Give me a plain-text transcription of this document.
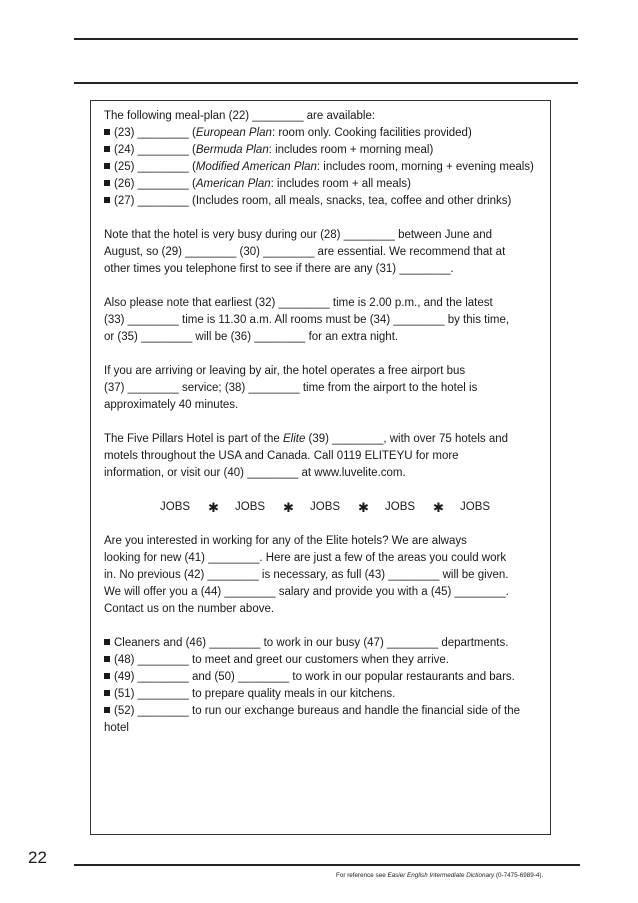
The following meal-plan (22) ________ are available:

(23) ________ (European Plan: room only. Cooking facilities provided)

(24) ________ (Bermuda Plan: includes room + morning meal)

(25) ________ (Modified American Plan: includes room, morning + evening meals)

(26) ________ (American Plan: includes room + all meals)

(27) ________ (Includes room, all meals, snacks, tea, coffee and other drinks)

Note that the hotel is very busy during our (28) ________ between June and
August, so (29) ________ (30) ________ are essential. We recommend that at
other times you telephone first to see if there are any (31) ________.

Also please note that earliest (32) ________ time is 2.00 p.m., and the latest
(33) ________ time is 11.30 a.m. All rooms must be (34) ________ by this time,
or (35) ________ will be (36) ________ for an extra night.

If you are arriving or leaving by air, the hotel operates a free airport bus
(37) ________ service; (38) ________ time from the airport to the hotel is
approximately 40 minutes.

The Five Pillars Hotel is part of the Elite (39) ________, with over 75 hotels and
motels throughout the USA and Canada. Call 0119 ELITEYU for more
information, or visit our (40) ________ at www.luvelite.com.

JOBS	✱	JOBS	✱	JOBS	✱	JOBS	✱	JOBS

Are you interested in working for any of the Elite hotels? We are always
looking for new (41) ________. Here are just a few of the areas you could work
in. No previous (42) ________ is necessary, as full (43) ________ will be given.
We will offer you a (44) ________ salary and provide you with a (45) ________.
Contact us on the number above.

Cleaners and (46) ________ to work in our busy (47) ________ departments.

(48) ________ to meet and greet our customers when they arrive.

(49) ________ and (50) ________ to work in our popular restaurants and bars.

(51) ________ to prepare quality meals in our kitchens.

(52) ________ to run our exchange bureaus and handle the financial side of the hotel

22
For reference see Easier English Intermediate Dictionary (0-7475-6989-4).
